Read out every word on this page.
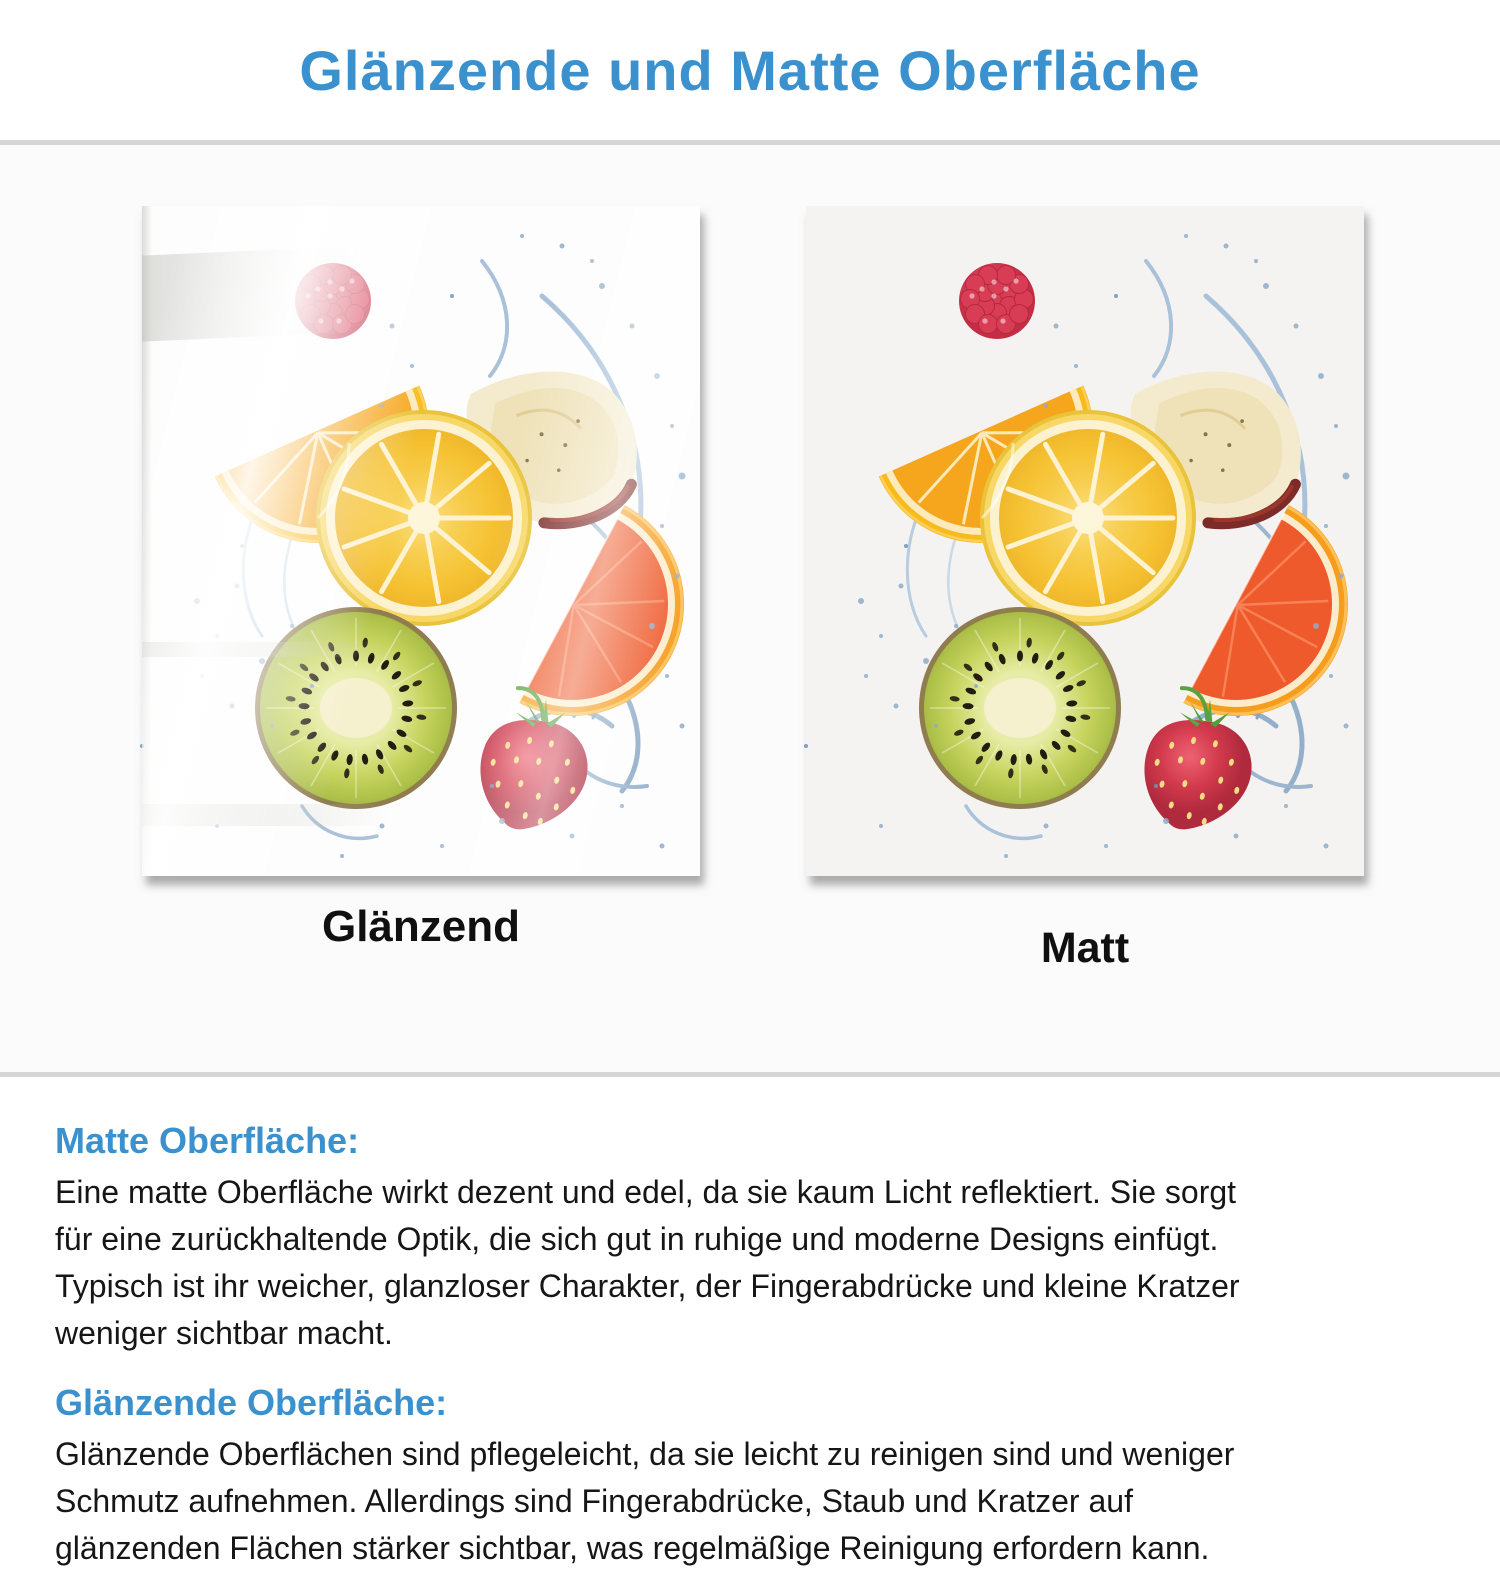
Glänzende und Matte Oberfläche
Glänzend	Matt
Matte Oberfläche:
Eine matte Oberfläche wirkt dezent und edel, da sie kaum Licht reflektiert. Sie sorgt
für eine zurückhaltende Optik, die sich gut in ruhige und moderne Designs einfügt.
Typisch ist ihr weicher, glanzloser Charakter, der Fingerabdrücke und kleine Kratzer
weniger sichtbar macht.
Glänzende Oberfläche:
Glänzende Oberflächen sind pflegeleicht, da sie leicht zu reinigen sind und weniger
Schmutz aufnehmen. Allerdings sind Fingerabdrücke, Staub und Kratzer auf
glänzenden Flächen stärker sichtbar, was regelmäßige Reinigung erfordern kann.
